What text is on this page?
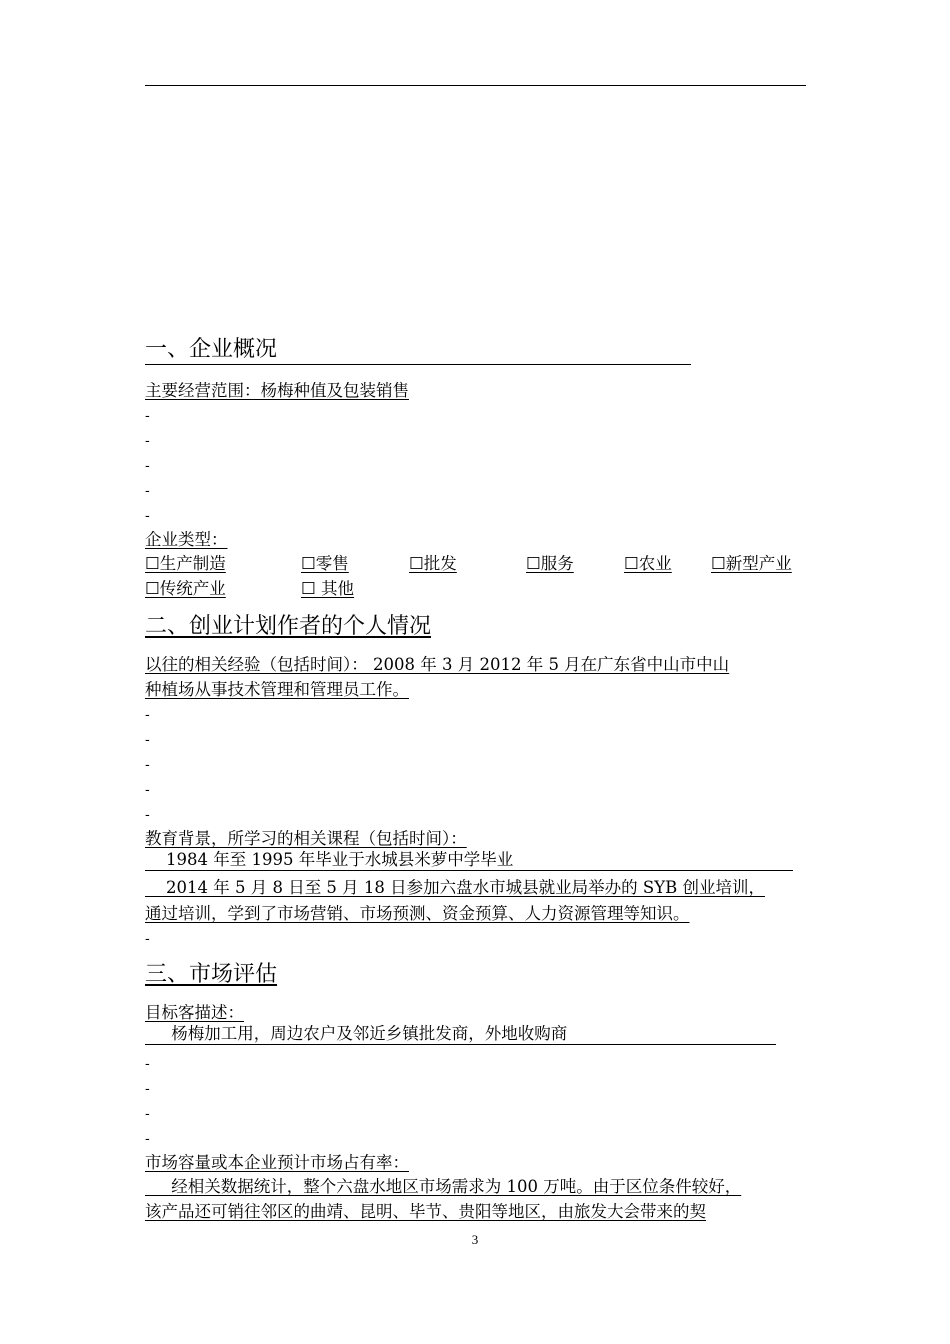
一、企业概况
主要经营范围：杨梅种值及包装销售
-
-
-
-
-
企业类型：
☐生产制造	☐零售	☐批发	☐服务	☐农业 ☐新型产业
☐传统产业	☐ 其他
二、创业计划作者的个人情况
以往的相关经验（包括时间）： 2008 年 3 月 2012 年 5 月在广东省中山市中山
种植场从事技术管理和管理员工作。
-
-
-
-
-
教育背景，所学习的相关课程（包括时间）：
1984 年至 1995 年毕业于水城县米萝中学毕业
2014 年 5 月 8 日至 5 月 18 日参加六盘水市城县就业局举办的 SYB 创业培训，
通过培训，学到了市场营销、市场预测、资金预算、人力资源管理等知识。
-
三、市场评估
目标客描述：
杨梅加工用，周边农户及邻近乡镇批发商，外地收购商
-
-
-
-
市场容量或本企业预计市场占有率：
经相关数据统计，整个六盘水地区市场需求为 100 万吨。由于区位条件较好，
该产品还可销往邻区的曲靖、昆明、毕节、贵阳等地区，由旅发大会带来的契
3
